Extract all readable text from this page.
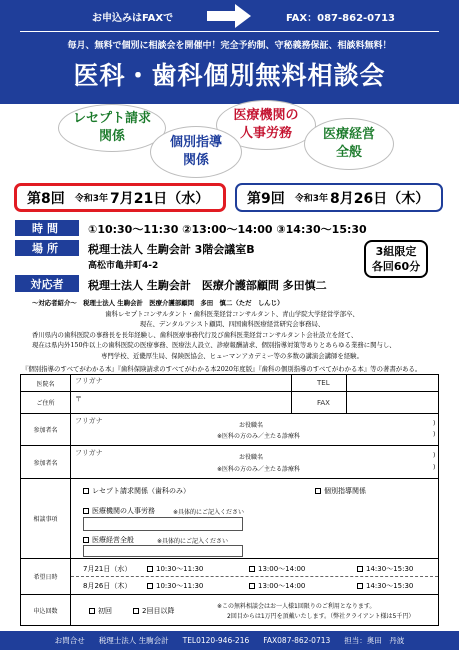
お申込みはFAXで	FAX：087-862-0713
毎月、無料で個別に相談会を開催中！完全予約制、守秘義務保証、相談料無料！
医科・歯科個別無料相談会
レセプト請求
関係
医療機関の
人事労務
個別指導
関係
医療経営
全般
第8回 令和3年 7月21日（水）	第9回 令和3年 8月26日（木）
時間	①10:30～11:30 ②13:00～14:00 ③14:30～15:30
場所	税理士法人 生駒会計 3階会議室B
高松市亀井町4-2
3組限定
各回60分
対応者	税理士法人 生駒会計　医療介護部顧問 多田慎二
～対応者紹介～　税理士法人 生駒会計　医療介護部顧問　多田　慎二（ただ　しんじ）
歯科レセプトコンサルタント・歯科医業経営コンサルタント、青山学院大学経営学部卒、
現在、デンタルアシスト顧問、四国歯科医療経営研究会事務局、
香川県内の歯科医院の事務長を長年経験し、歯科医療事務代行及び歯科医業経営コンサルタント会社設立を経て、
現在は県内外150件以上の歯科医院の医療事務、医療法人設立、診療報酬請求、個別指導対策等ありとあらゆる業務に関与し、
専門学校、近畿厚生局、保険医協会、ヒューマンアカデミー等の多数の講演会講師を経験。
『個別指導のすべてがわかる本』『歯科保険請求のすべてがわかる本2020年度版』『歯科の個別指導のすべてがわかる本』等の著書がある。
医院名	フリガナ	TEL
ご住所
〒	FAX
参加者名
フリガナ
お役職名	)
※医科の方のみ／主たる診療科	)
参加者名
フリガナ
お役職名	)
※医科の方のみ／主たる診療科	)
相談事項
レセプト請求関係（歯科のみ）	個別指導関係
医療機関の人事労務	※具体的にご記入ください
医療経営全般	※具体的にご記入ください
希望日時
7月21日（水）	10:30～11:30	13:00～14:00	14:30～15:30
8月26日（木）	10:30～11:30	13:00～14:00	14:30～15:30
申込回数	初回	2回目以降
※この無料相談会はお一人様1回限りのご利用となります。
2回目からは1万円を頂戴いたします。（弊社クライアント様は5千円）
お問合せ 税理士法人 生駒会計 TEL0120-946-216 FAX087-862-0713 担当：奥田　丹波
